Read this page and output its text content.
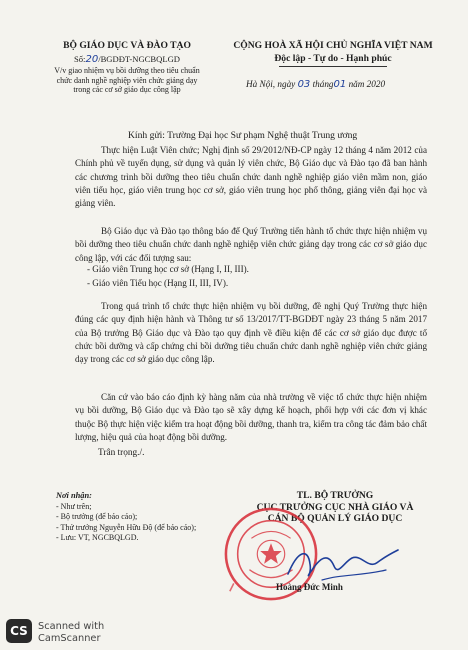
BỘ GIÁO DỤC VÀ ĐÀO TẠO
Số:20/BGDĐT-NGCBQLGD
V/v giao nhiệm vụ bồi dưỡng theo tiêu chuẩn chức danh nghề nghiệp viên chức giảng dạy trong các cơ sở giáo dục công lập
CỘNG HOÀ XÃ HỘI CHỦ NGHĨA VIỆT NAM
Độc lập - Tự do - Hạnh phúc
Hà Nội, ngày 03 tháng01 năm 2020
Kính gửi: Trường Đại học Sư phạm Nghệ thuật Trung ương

Thực hiện Luật Viên chức; Nghị định số 29/2012/NĐ-CP ngày 12 tháng 4 năm 2012 của Chính phủ về tuyển dụng, sử dụng và quản lý viên chức, Bộ Giáo dục và Đào tạo đã ban hành các chương trình bồi dưỡng theo tiêu chuẩn chức danh nghề nghiệp giáo viên mầm non, giáo viên tiểu học, giáo viên trung học cơ sở, giáo viên trung học phổ thông, giảng viên đại học và giảng viên.

Bộ Giáo dục và Đào tạo thông báo để Quý Trường tiến hành tổ chức thực hiện nhiệm vụ bồi dưỡng theo tiêu chuẩn chức danh nghề nghiệp viên chức giảng dạy trong các cơ sở giáo dục công lập, với các đối tượng sau:

- Giáo viên Trung học cơ sở (Hạng I, II, III).
- Giáo viên Tiểu học (Hạng II, III, IV).

Trong quá trình tổ chức thực hiện nhiệm vụ bồi dưỡng, đề nghị Quý Trường thực hiện đúng các quy định hiện hành và Thông tư số 13/2017/TT-BGDĐT ngày 23 tháng 5 năm 2017 của Bộ trưởng Bộ Giáo dục và Đào tạo quy định về điều kiện để các cơ sở giáo dục được tổ chức bồi dưỡng và cấp chứng chỉ bồi dưỡng tiêu chuẩn chức danh nghề nghiệp viên chức giảng dạy trong các cơ sở giáo dục công lập.

Căn cứ vào báo cáo định kỳ hàng năm của nhà trường về việc tổ chức thực hiện nhiệm vụ bồi dưỡng, Bộ Giáo dục và Đào tạo sẽ xây dựng kế hoạch, phối hợp với các đơn vị khác thuộc Bộ thực hiện việc kiểm tra hoạt động bồi dưỡng, thanh tra, kiểm tra công tác đảm bảo chất lượng, hiệu quả của hoạt động bồi dưỡng.

Trân trọng./.
Nơi nhận:
- Như trên;
- Bộ trưởng (để báo cáo);
- Thứ trưởng Nguyễn Hữu Độ (để báo cáo);
- Lưu: VT, NGCBQLGD.
TL. BỘ TRƯỞNG
CỤC TRƯỞNG CỤC NHÀ GIÁO VÀ
CÁN BỘ QUẢN LÝ GIÁO DỤC
Hoàng Đức Minh
CS	Scanned with
CamScanner
